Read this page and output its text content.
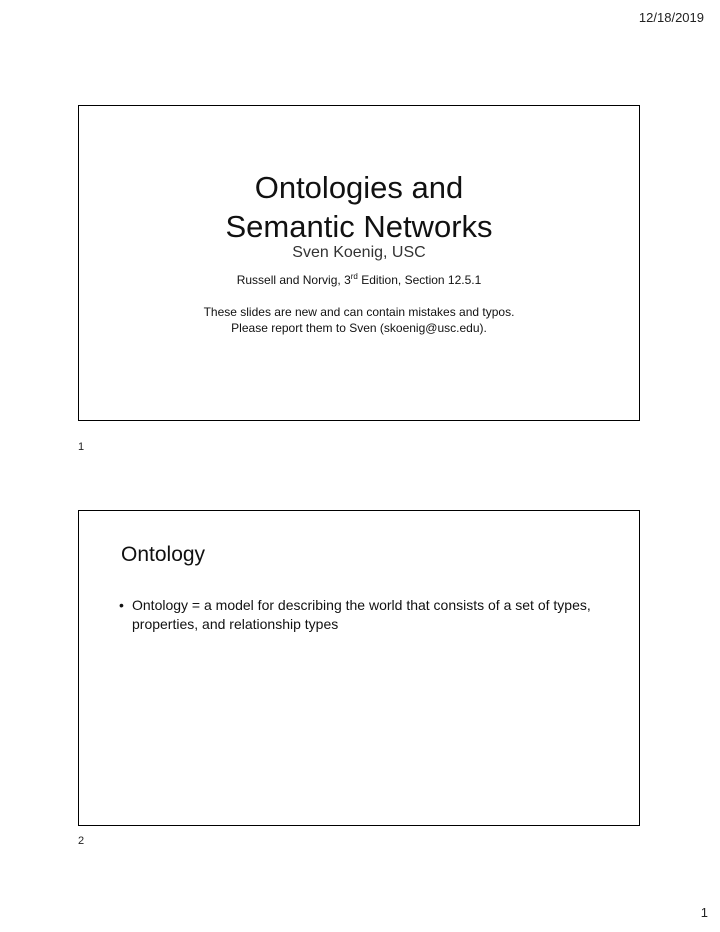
12/18/2019
Ontologies and
Semantic Networks
Sven Koenig, USC
Russell and Norvig, 3rd Edition, Section 12.5.1
These slides are new and can contain mistakes and typos.
Please report them to Sven (skoenig@usc.edu).
1
Ontology
• Ontology = a model for describing the world that consists of a set of types, properties, and relationship types
2
1
